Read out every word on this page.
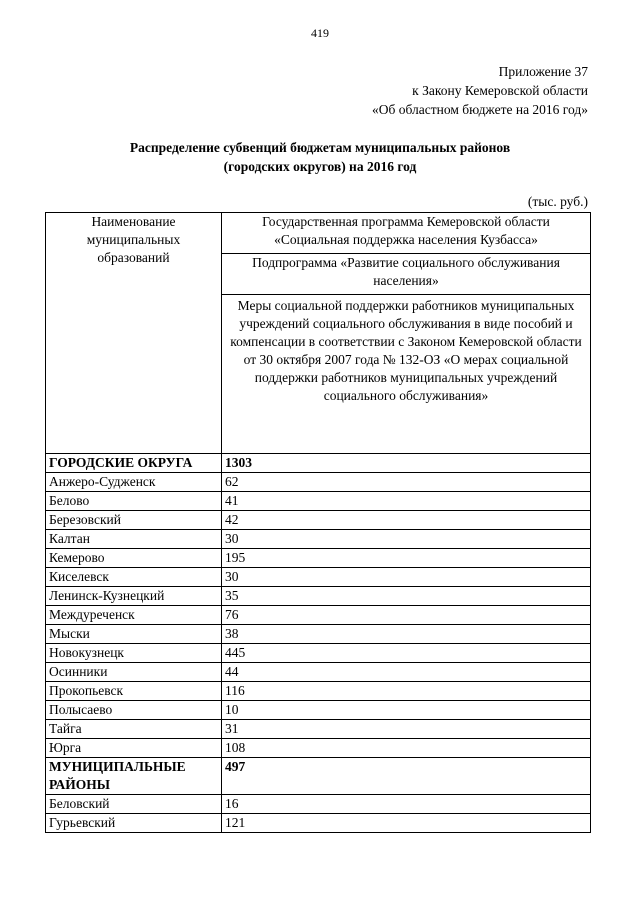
419
Приложение 37
к Закону Кемеровской области
«Об областном бюджете на 2016 год»
Распределение субвенций бюджетам муниципальных районов
(городских округов) на 2016 год
(тыс. руб.)
Наименование муниципальных образований	Государственная программа Кемеровской области «Социальная поддержка населения Кузбасса»
	Подпрограмма «Развитие социального обслуживания населения»
	Меры социальной поддержки работников муниципальных учреждений социального обслуживания в виде пособий и компенсации в соответствии с Законом Кемеровской области от 30 октября 2007 года № 132-ОЗ «О мерах социальной поддержки работников муниципальных учреждений социального обслуживания»
ГОРОДСКИЕ ОКРУГА	1303
Анжеро-Судженск	62
Белово	41
Березовский	42
Калтан	30
Кемерово	195
Киселевск	30
Ленинск-Кузнецкий	35
Междуреченск	76
Мыски	38
Новокузнецк	445
Осинники	44
Прокопьевск	116
Полысаево	10
Тайга	31
Юрга	108
МУНИЦИПАЛЬНЫЕ РАЙОНЫ	497
Беловский	16
Гурьевский	121
